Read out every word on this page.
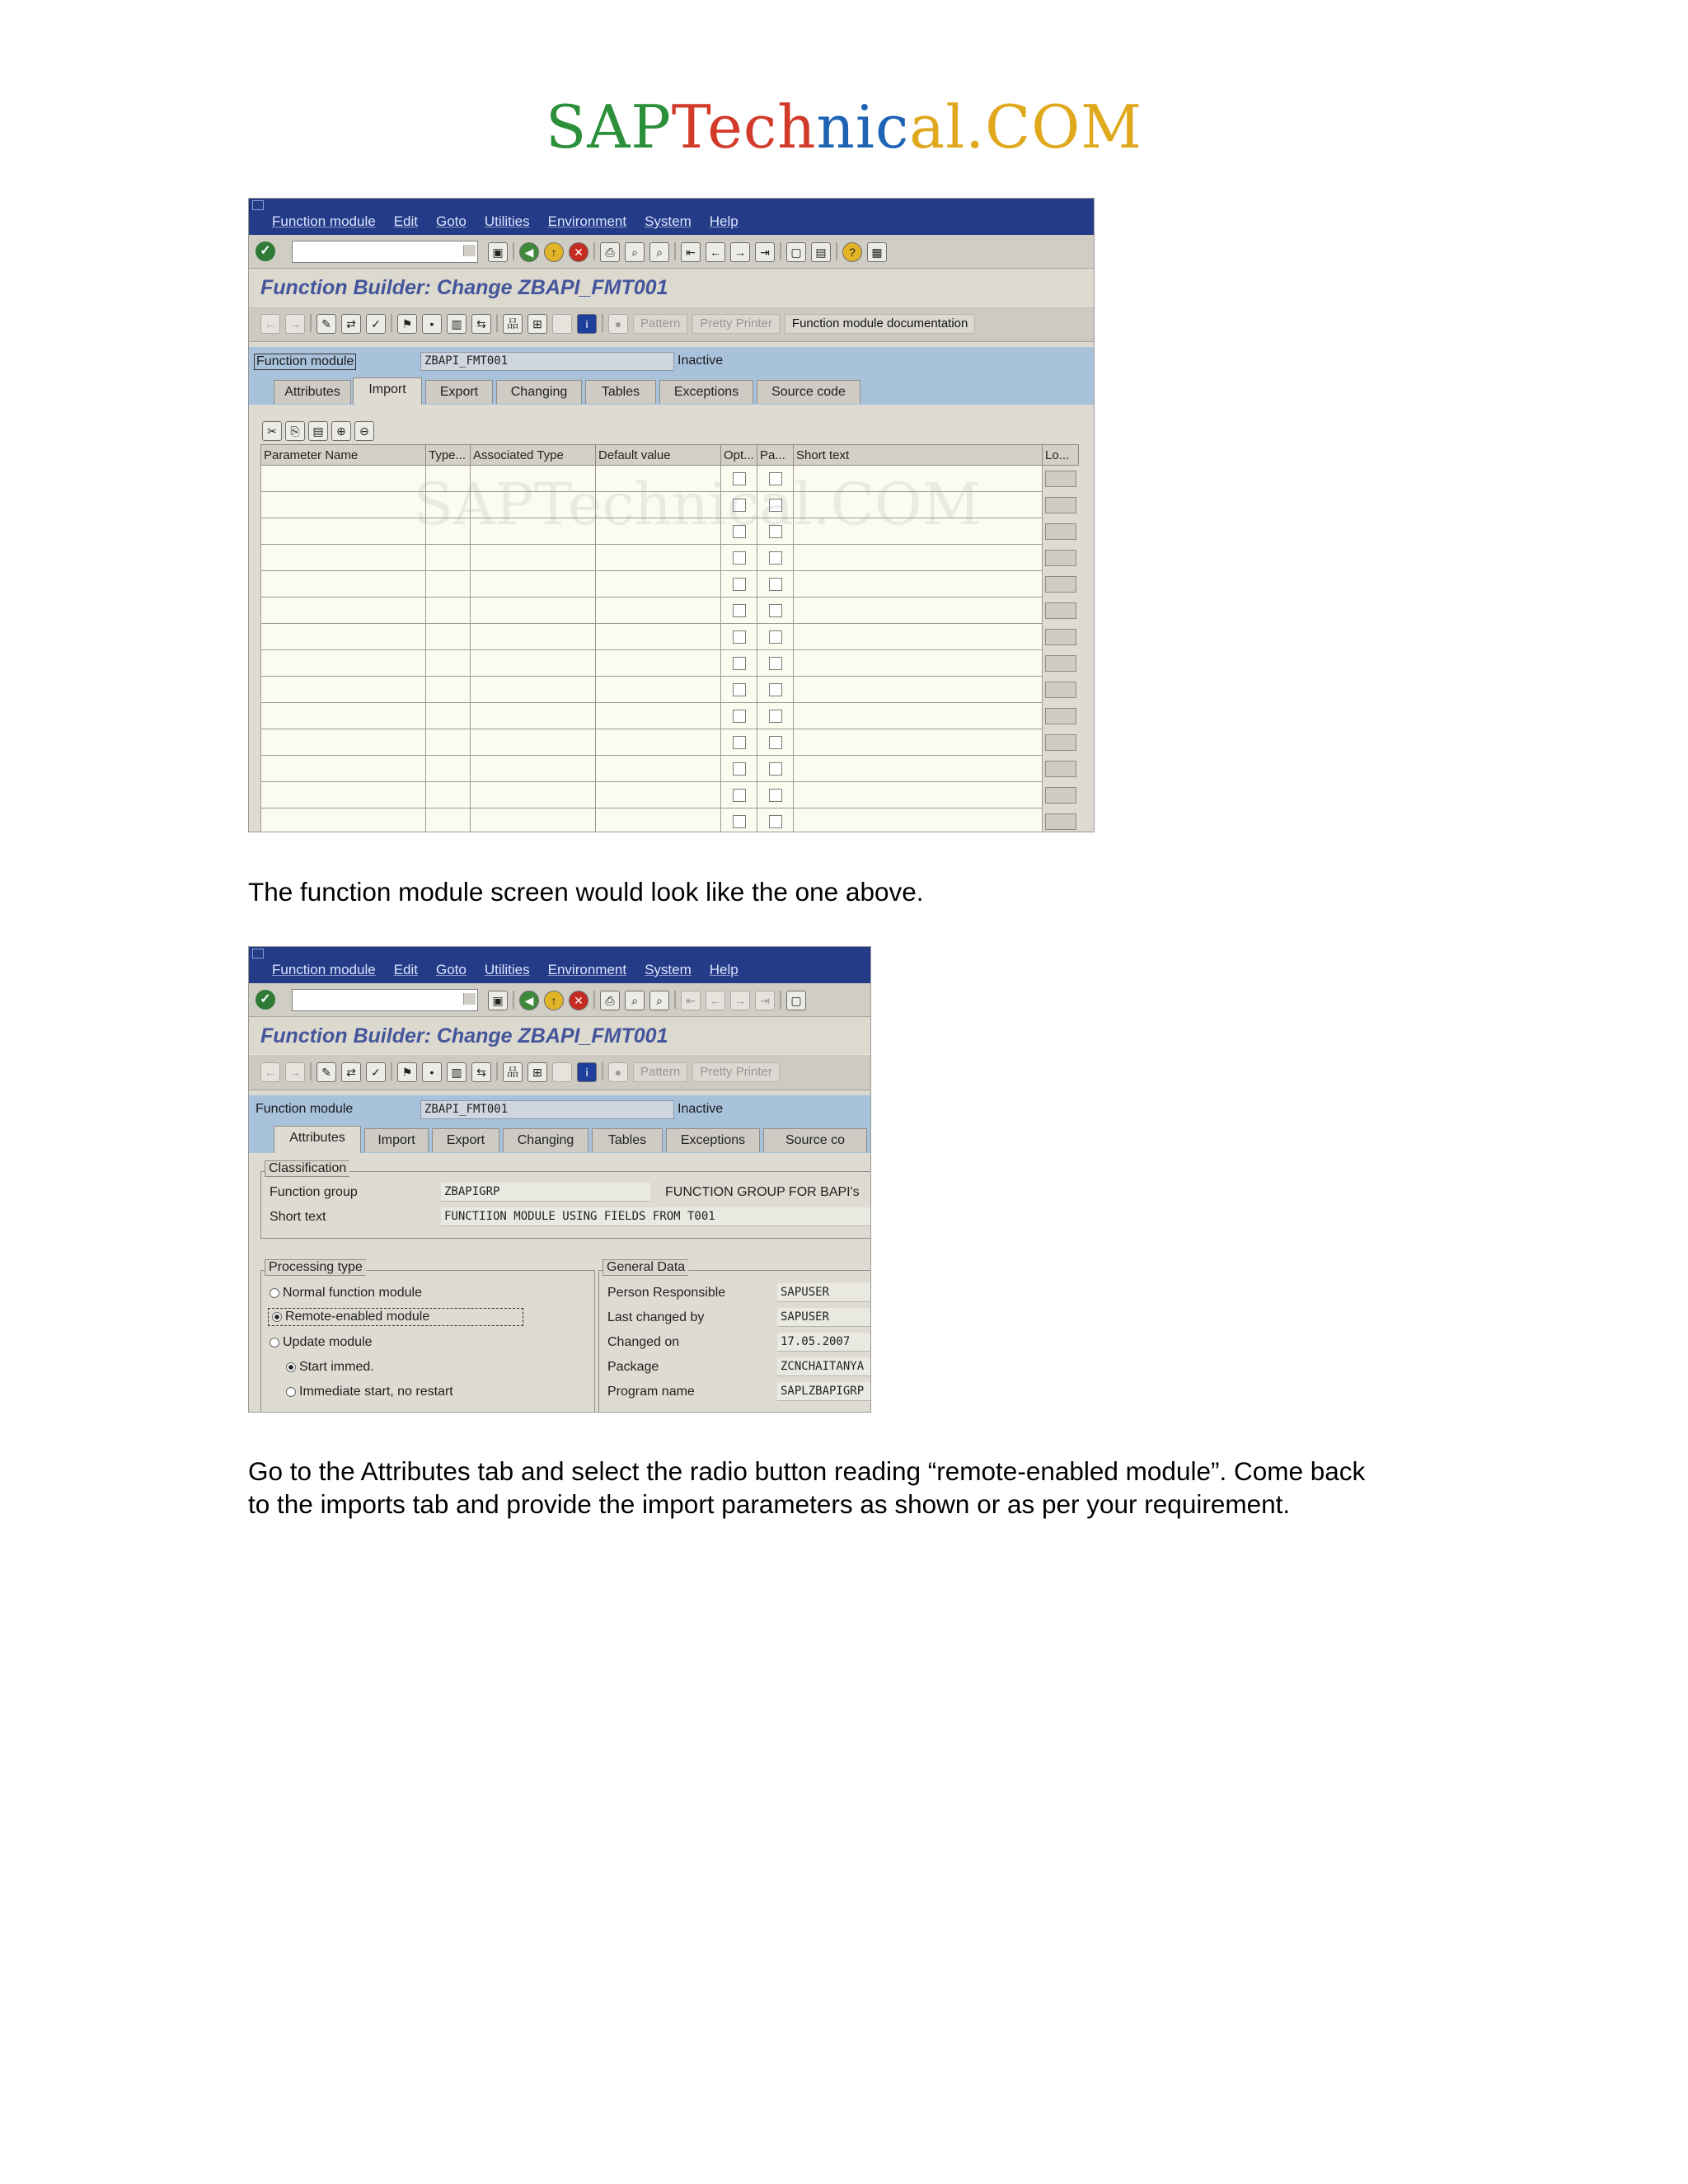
SAPTechnical.COM
Function module Edit Goto Utilities Environment System Help
✓	▣	◀	↑	✕	⎙	⌕	⌕	⇤	←	→	⇥	▢	▤	?	▦
Function Builder: Change ZBAPI_FMT001
←	→	✎	⇄	✓	⚑	•	▥	⇆	品	⊞	i	●	Pattern	Pretty Printer	Function module documentation
Function module	ZBAPI_FMT001	Inactive
Attributes	Import	Export	Changing	Tables	Exceptions	Source code
✂	⎘	▤	⊕	⊖
Parameter Name	Type...	Associated Type	Default value	Opt...	Pa...	Short text	Lo...

The function module screen would look like the one above.
Function module Edit Goto Utilities Environment System Help
✓	▣	◀	↑	✕	⎙	⌕	⌕	⇤	←	→	⇥	▢
Function Builder: Change ZBAPI_FMT001
←	→	✎	⇄	✓	⚑	•	▥	⇆	品	⊞	i	●	Pattern	Pretty Printer
Function module	ZBAPI_FMT001	Inactive
Attributes	Import	Export	Changing	Tables	Exceptions	Source co
Classification
Function group	ZBAPIGRP	FUNCTION GROUP FOR BAPI's
Short text	FUNCTIION MODULE USING FIELDS FROM T001
Processing type
Normal function module
Remote-enabled module
Update module
Start immed.
Immediate start, no restart
General Data
Person Responsible	SAPUSER
Last changed by	SAPUSER
Changed on	17.05.2007
Package	ZCNCHAITANYA
Program name	SAPLZBAPIGRP
Go to the Attributes tab and select the radio button reading “remote-enabled module”. Come back
to the imports tab and provide the import parameters as shown or as per your requirement.
